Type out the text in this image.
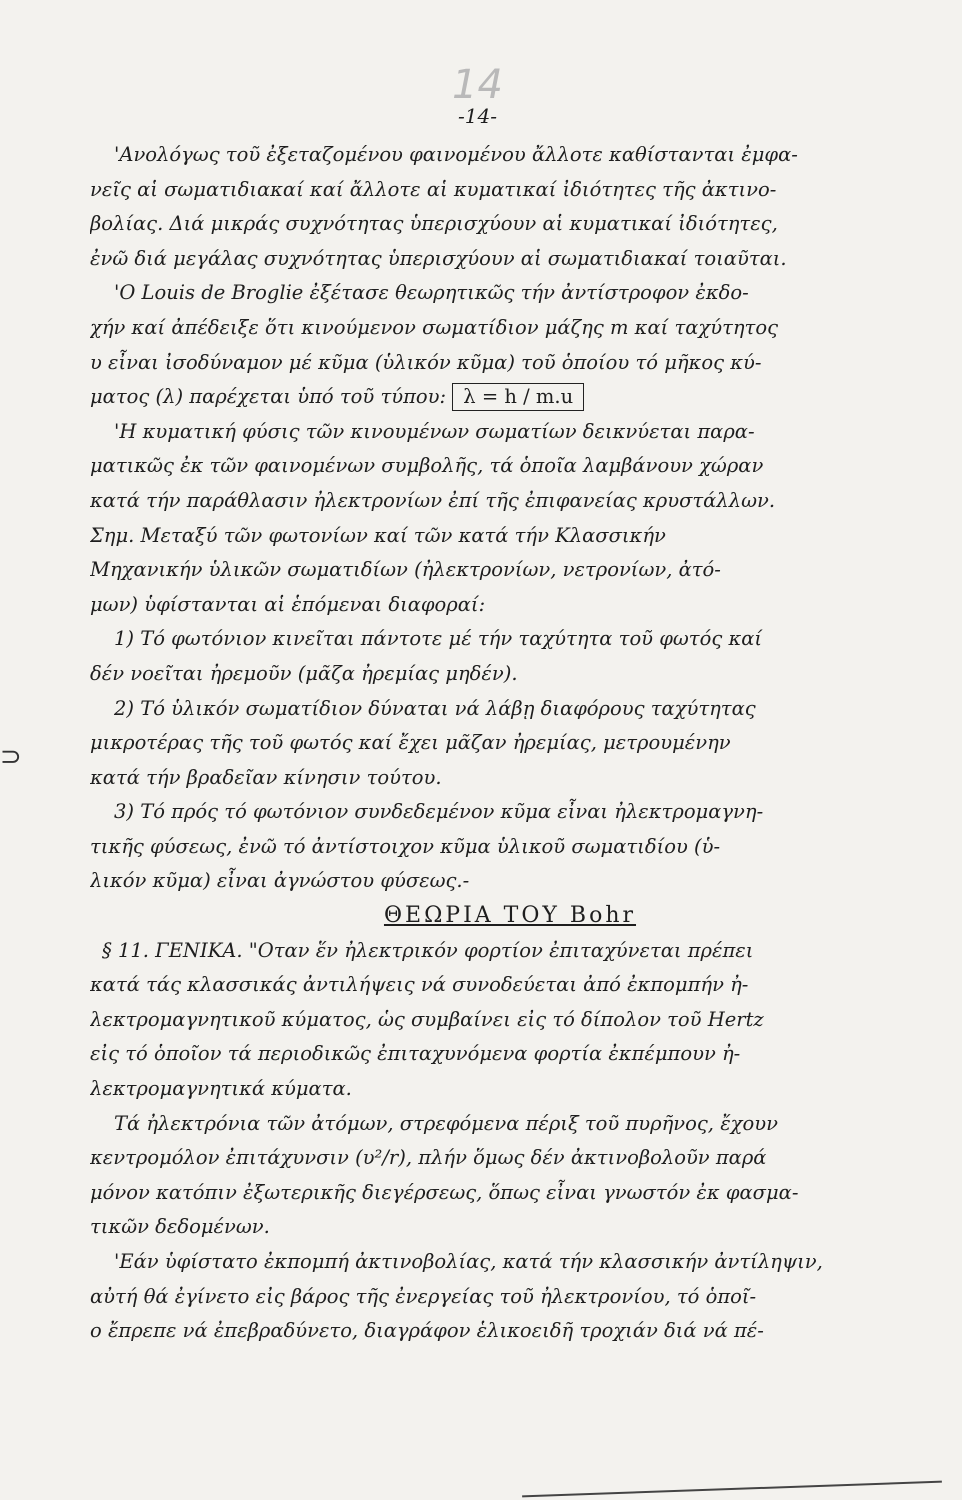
14
-14-
⊃
'Ανολόγως τοῦ ἐξεταζομένου φαινομένου ἄλλοτε καθίστανται ἐμφα-
νεῖς αἱ σωματιδιακαί καί ἄλλοτε αἱ κυματικαί ἰδιότητες τῆς ἀκτινο-
βολίας. Διά μικράς συχνότητας ὑπερισχύουν αἱ κυματικαί ἰδιότητες,
ἐνῶ διά μεγάλας συχνότητας ὑπερισχύουν αἱ σωματιδιακαί τοιαῦται.
'Ο Louis de Broglie ἐξέτασε θεωρητικῶς τήν ἀντίστροφον ἐκδο-
χήν καί ἀπέδειξε ὅτι κινούμενον σωματίδιον μάζης m καί ταχύτητος
υ εἶναι ἰσοδύναμον μέ κῦμα (ὑλικόν κῦμα) τοῦ ὁποίου τό μῆκος κύ-
ματος (λ) παρέχεται ὑπό τοῦ τύπου: λ = h / m.u
'Η κυματική φύσις τῶν κινουμένων σωματίων δεικνύεται παρα-
ματικῶς ἐκ τῶν φαινομένων συμβολῆς, τά ὁποῖα λαμβάνουν χώραν
κατά τήν παράθλασιν ἠλεκτρονίων ἐπί τῆς ἐπιφανείας κρυστάλλων.
Σημ. Μεταξύ τῶν φωτονίων καί τῶν κατά τήν Κλασσικήν
Μηχανικήν ὑλικῶν σωματιδίων (ἠλεκτρονίων, νετρονίων, ἀτό-
μων) ὑφίστανται αἱ ἑπόμεναι διαφοραί:
1) Τό φωτόνιον κινεῖται πάντοτε μέ τήν ταχύτητα τοῦ φωτός καί
δέν νοεῖται ἠρεμοῦν (μᾶζα ἠρεμίας μηδέν).
2) Τό ὑλικόν σωματίδιον δύναται νά λάβῃ διαφόρους ταχύτητας
μικροτέρας τῆς τοῦ φωτός καί ἔχει μᾶζαν ἠρεμίας, μετρουμένην
κατά τήν βραδεῖαν κίνησιν τούτου.
3) Τό πρός τό φωτόνιον συνδεδεμένον κῦμα εἶναι ἠλεκτρομαγνη-
τικῆς φύσεως, ἐνῶ τό ἀντίστοιχον κῦμα ὑλικοῦ σωματιδίου (ὑ-
λικόν κῦμα) εἶναι ἀγνώστου φύσεως.-
ΘΕΩΡΙΑ ΤΟΥ Bohr
§ 11. ΓΕΝΙΚΑ. "Οταν ἕν ἠλεκτρικόν φορτίον ἐπιταχύνεται πρέπει
κατά τάς κλασσικάς ἀντιλήψεις νά συνοδεύεται ἀπό ἐκπομπήν ἠ-
λεκτρομαγνητικοῦ κύματος, ὡς συμβαίνει εἰς τό δίπολον τοῦ Hertz
εἰς τό ὁποῖον τά περιοδικῶς ἐπιταχυνόμενα φορτία ἐκπέμπουν ἠ-
λεκτρομαγνητικά κύματα.
Τά ἠλεκτρόνια τῶν ἀτόμων, στρεφόμενα πέριξ τοῦ πυρῆνος, ἔχουν
κεντρομόλον ἐπιτάχυνσιν (υ²/r), πλήν ὅμως δέν ἀκτινοβολοῦν παρά
μόνον κατόπιν ἐξωτερικῆς διεγέρσεως, ὅπως εἶναι γνωστόν ἐκ φασμα-
τικῶν δεδομένων.
'Εάν ὑφίστατο ἐκπομπή ἀκτινοβολίας, κατά τήν κλασσικήν ἀντίληψιν,
αὐτή θά ἐγίνετο εἰς βάρος τῆς ἐνεργείας τοῦ ἠλεκτρονίου, τό ὁποῖ-
ο ἔπρεπε νά ἐπεβραδύνετο, διαγράφον ἑλικοειδῆ τροχιάν διά νά πέ-
